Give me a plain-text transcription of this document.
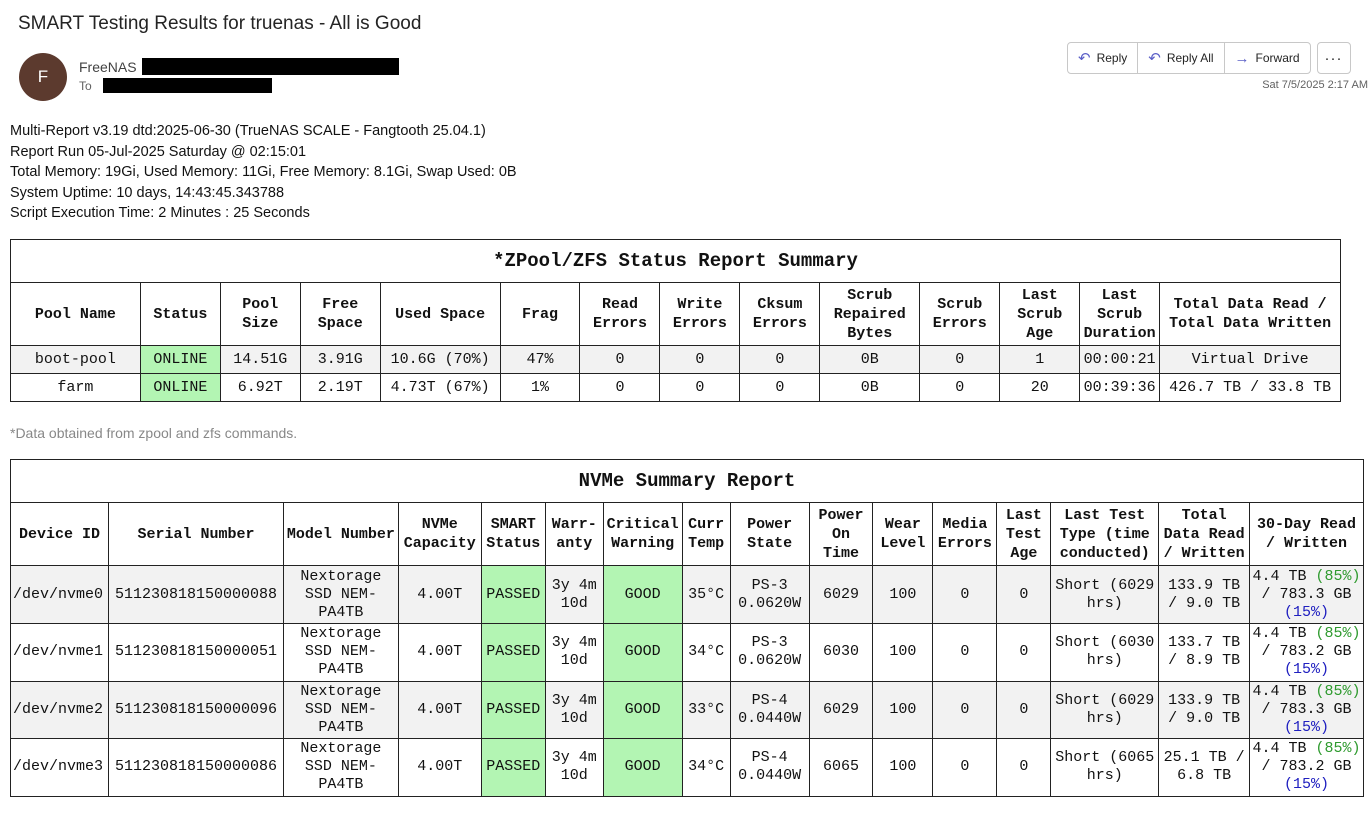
SMART Testing Results for truenas - All is Good
F
FreeNAS
To
↶ Reply ↶ Reply All → Forward	···
Sat 7/5/2025 2:17 AM
Multi-Report v3.19 dtd:2025-06-30 (TrueNAS SCALE - Fangtooth 25.04.1)
Report Run 05-Jul-2025 Saturday @ 02:15:01
Total Memory: 19Gi, Used Memory: 11Gi, Free Memory: 8.1Gi, Swap Used: 0B
System Uptime: 10 days, 14:43:45.343788
Script Execution Time: 2 Minutes : 25 Seconds
*ZPool/ZFS Status Report Summary													
Pool Name	Status	Pool Size	Free Space	Used Space	Frag	Read Errors	Write Errors	Cksum Errors	Scrub Repaired Bytes	Scrub Errors	Last Scrub Age	Last Scrub Duration	Total Data Read / Total Data Written
boot-pool	ONLINE	14.51G	3.91G	10.6G (70%)	47%	0	0	0	0B	0	1	00:00:21	Virtual Drive
farm	ONLINE	6.92T	2.19T	4.73T (67%)	1%	0	0	0	0B	0	20	00:39:36	426.7 TB / 33.8 TB
*Data obtained from zpool and zfs commands.
NVMe Summary Report															
Device ID	Serial Number	Model Number	NVMe Capacity	SMART Status	Warr-anty	Critical Warning	Curr Temp	Power State	Power On Time	Wear Level	Media Errors	Last Test Age	Last Test Type (time conducted)	Total Data Read / Written	30-Day Read / Written
/dev/nvme0	511230818150000088	Nextorage SSD NEM-PA4TB	4.00T	PASSED	3y 4m 10d	GOOD	35°C	PS-3 0.0620W	6029	100	0	0	Short (6029 hrs)	133.9 TB / 9.0 TB	4.4 TB (85%) / 783.3 GB (15%)
/dev/nvme1	511230818150000051	Nextorage SSD NEM-PA4TB	4.00T	PASSED	3y 4m 10d	GOOD	34°C	PS-3 0.0620W	6030	100	0	0	Short (6030 hrs)	133.7 TB / 8.9 TB	4.4 TB (85%) / 783.2 GB (15%)
/dev/nvme2	511230818150000096	Nextorage SSD NEM-PA4TB	4.00T	PASSED	3y 4m 10d	GOOD	33°C	PS-4 0.0440W	6029	100	0	0	Short (6029 hrs)	133.9 TB / 9.0 TB	4.4 TB (85%) / 783.3 GB (15%)
/dev/nvme3	511230818150000086	Nextorage SSD NEM-PA4TB	4.00T	PASSED	3y 4m 10d	GOOD	34°C	PS-4 0.0440W	6065	100	0	0	Short (6065 hrs)	25.1 TB / 6.8 TB	4.4 TB (85%) / 783.2 GB (15%)
